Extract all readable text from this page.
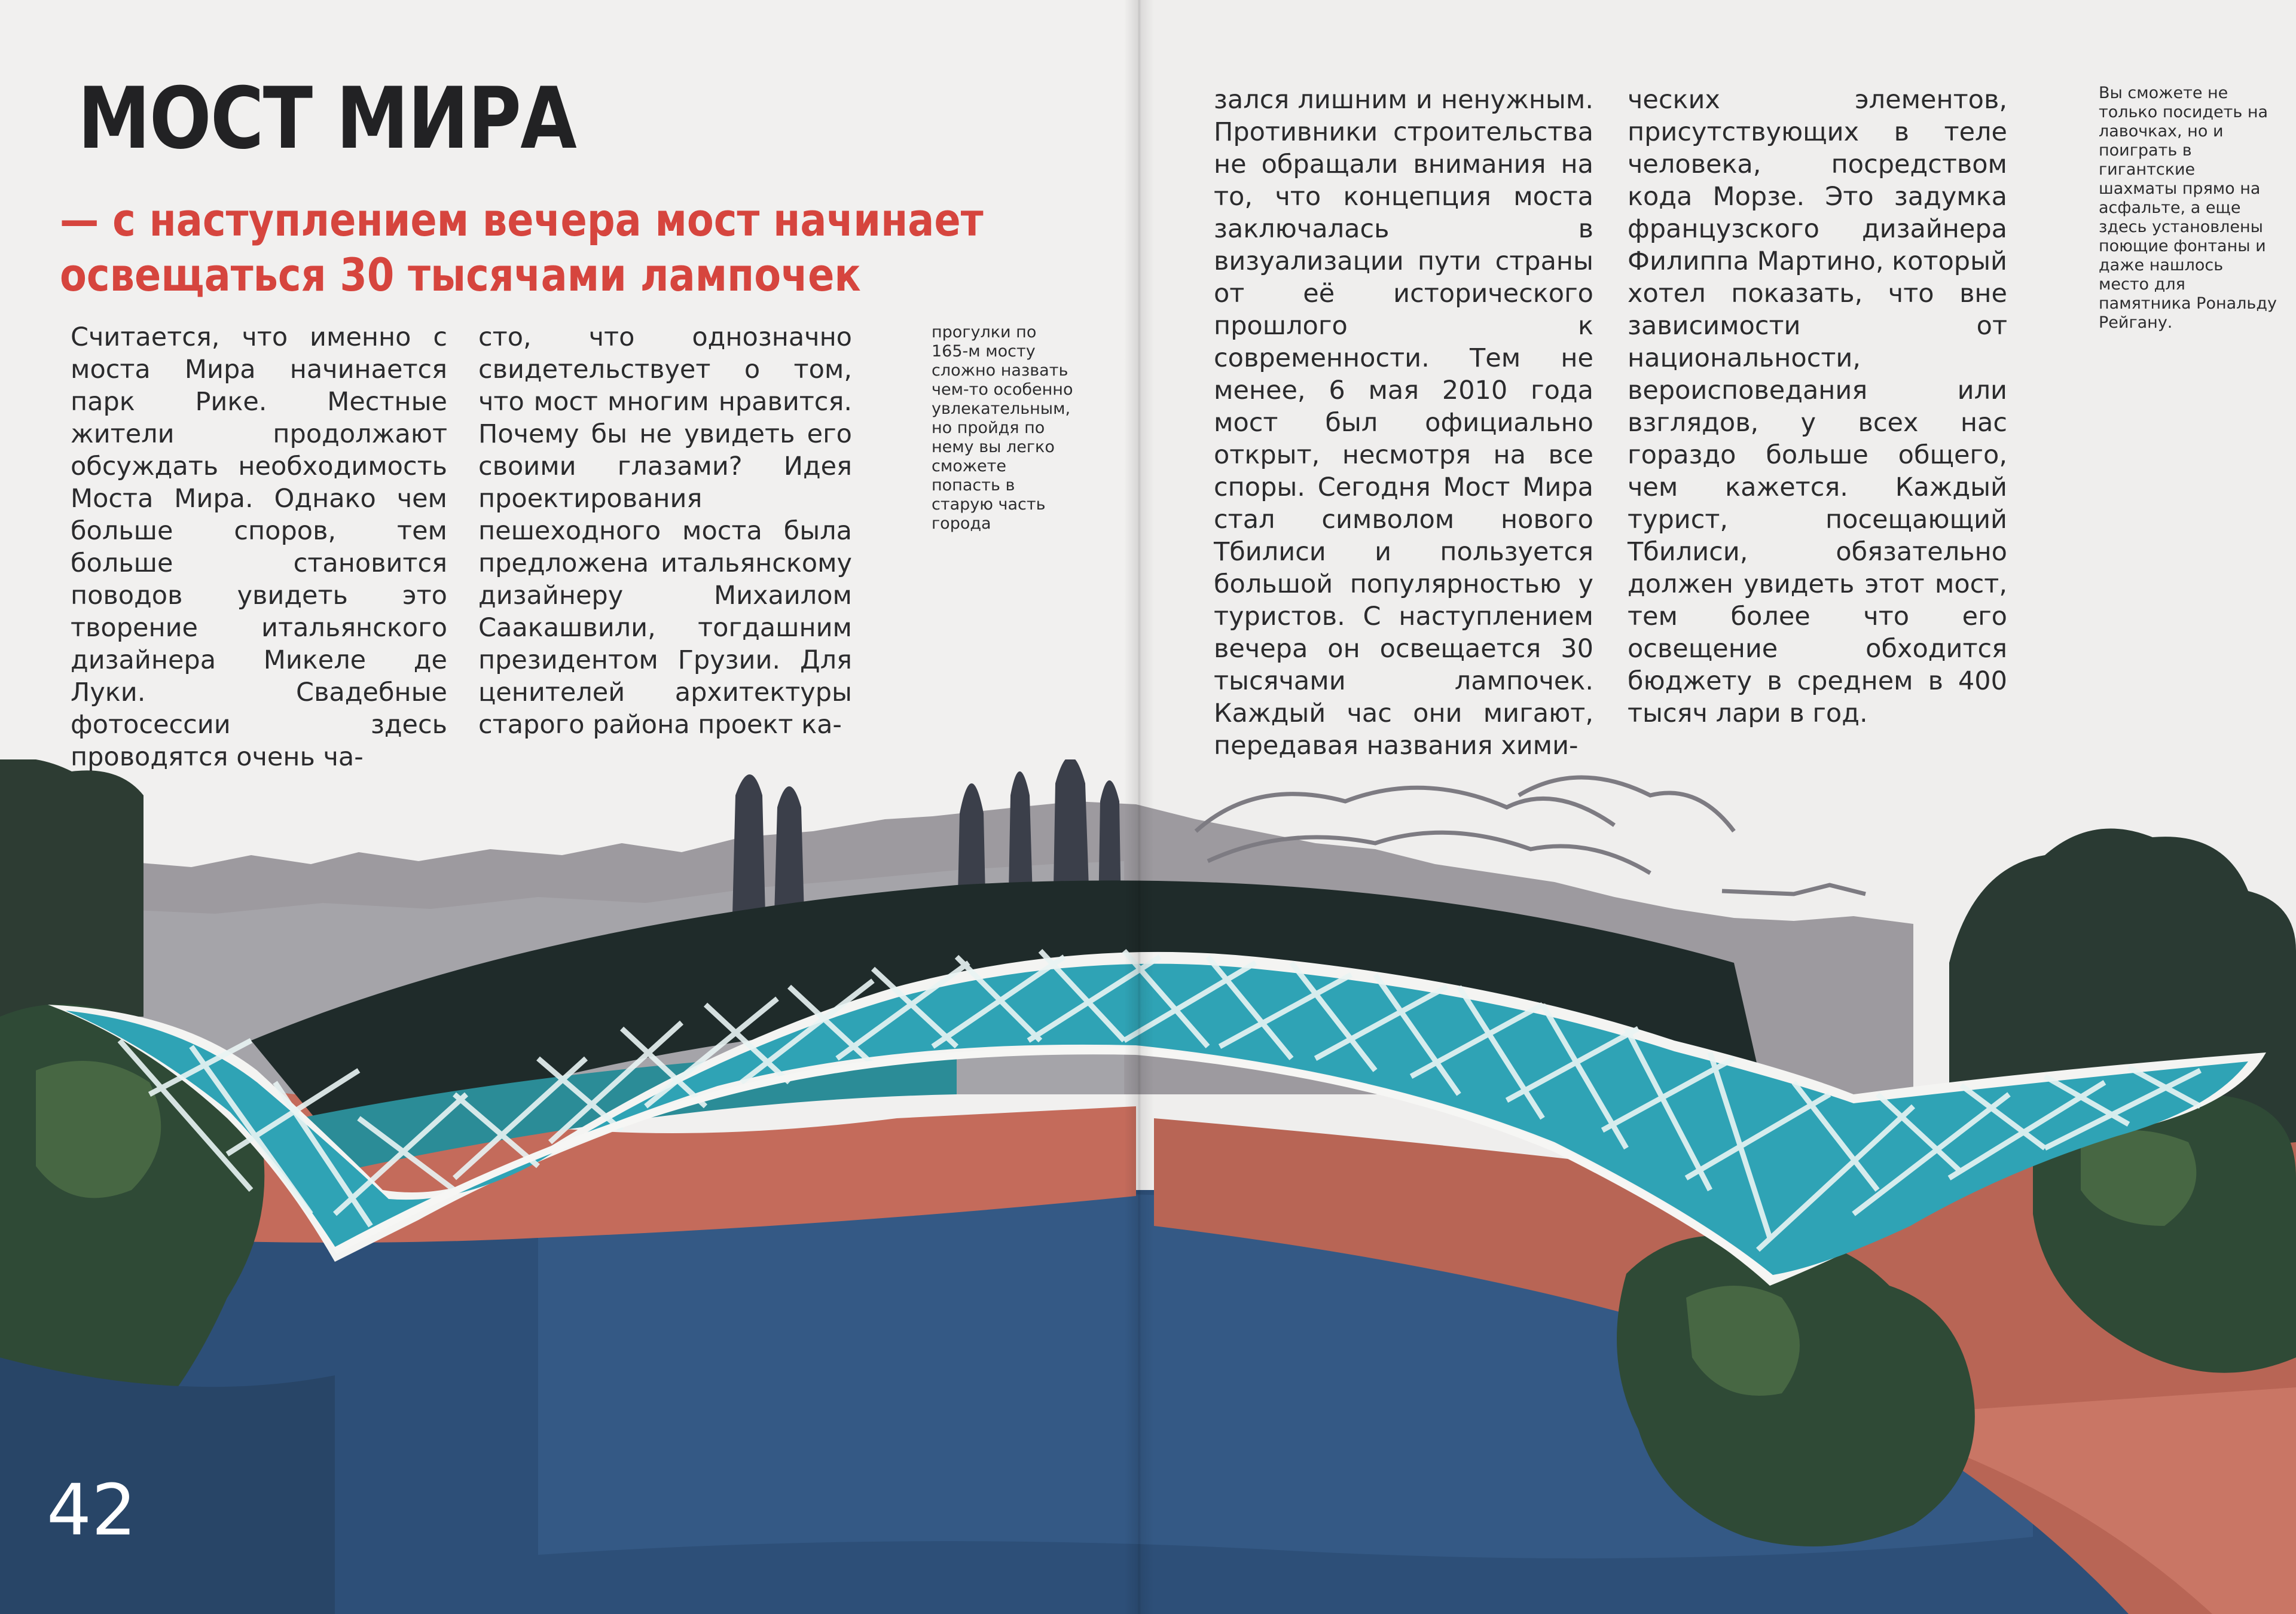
МОСТ МИРА
— с наступлением вечера мост начинает
освещаться 30 тысячами лампочек

Считается, что именно с моста Мира начинается парк Рике. Местные жители продолжают обсуждать необходимость Моста Мира. Однако чем больше споров, тем больше становится поводов увидеть это творение итальянского дизайнера Микеле де Луки. Свадебные фотосессии здесь проводятся очень ча-

сто, что однозначно свидетельствует о том, что мост многим нравится. Почему бы не увидеть его своими глазами? Идея проектирования пешеходного моста была предложена итальянскому дизайнеру Михаилом Саакашвили, тогдашним президентом Грузии. Для ценителей архитектуры старого района проект ка-

прогулки по 165-м мосту сложно назвать чем-то особенно увлекательным, но пройдя по нему вы легко сможете попасть в старую часть города

зался лишним и ненужным. Противники строительства не обращали внимания на то, что концепция моста заключалась в визуализации пути страны от её исторического прошлого к современности. Тем не менее, 6 мая 2010 года мост был официально открыт, несмотря на все споры. Сегодня Мост Мира стал символом нового Тбилиси и пользуется большой популярностью у туристов. С наступлением вечера он освещается 30 тысячами лампочек. Каждый час они мигают, передавая названия хими-

ческих элементов, присутствующих в теле человека, посредством кода Морзе. Это задумка французского дизайнера Филиппа Мартино, который хотел показать, что вне зависимости от национальности, вероисповедания или взглядов, у всех нас гораздо больше общего, чем кажется. Каждый турист, посещающий Тбилиси, обязательно должен увидеть этот мост, тем более что его освещение обходится бюджету в среднем в 400 тысяч лари в год.

Вы сможете не только посидеть на лавочках, но и поиграть в гигантские шахматы прямо на асфальте, а еще здесь установлены поющие фонтаны и даже нашлось место для памятника Рональду Рейгану.

42
